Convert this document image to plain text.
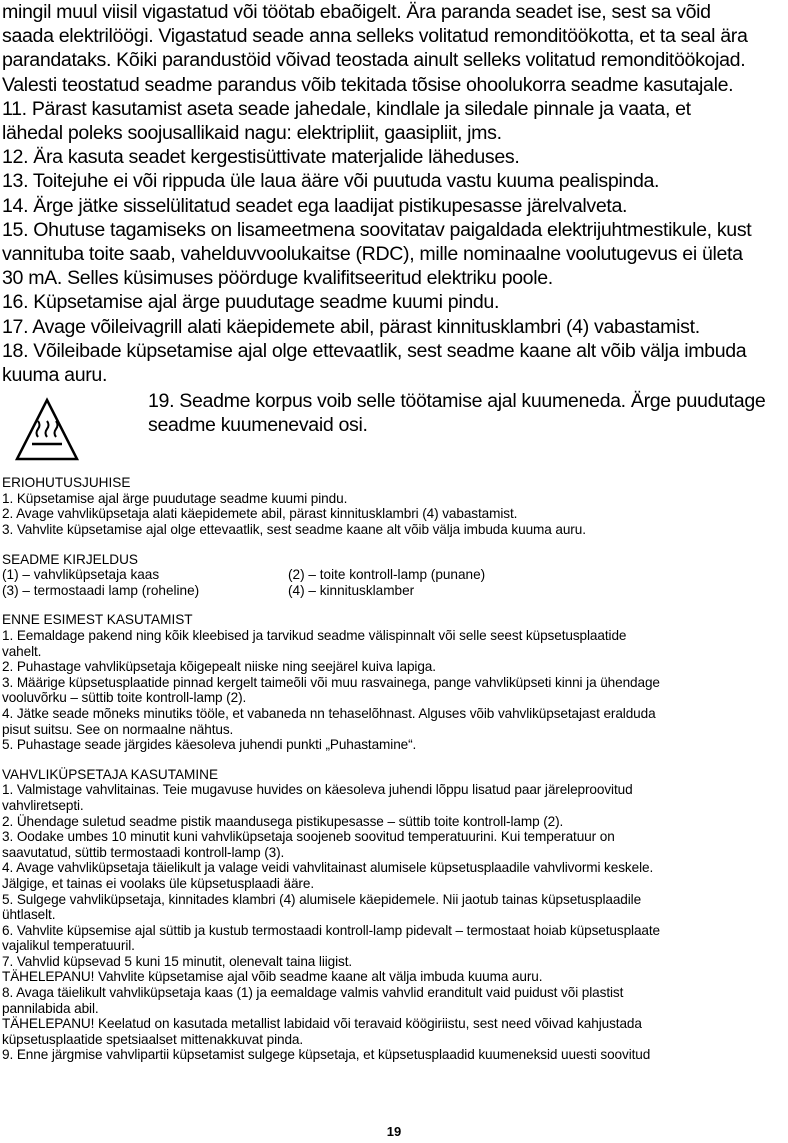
mingil muul viisil vigastatud või töötab ebaõigelt. Ära paranda seadet ise, sest sa võid

saada elektrilöögi. Vigastatud seade anna selleks volitatud remonditöökotta, et ta seal ära

parandataks. Kõiki parandustöid võivad teostada ainult selleks volitatud remonditöökojad.

Valesti teostatud seadme parandus võib tekitada tõsise ohoolukorra seadme kasutajale.

11. Pärast kasutamist aseta seade jahedale, kindlale ja siledale pinnale ja vaata, et

lähedal poleks soojusallikaid nagu: elektripliit, gaasipliit, jms.

12. Ära kasuta seadet kergestisüttivate materjalide läheduses.

13. Toitejuhe ei või rippuda üle laua ääre või puutuda vastu kuuma pealispinda.

14. Ärge jätke sisselülitatud seadet ega laadijat pistikupesasse järelvalveta.

15. Ohutuse tagamiseks on lisameetmena soovitatav paigaldada elektrijuhtmestikule, kust

vannituba toite saab, vahelduvvoolukaitse (RDC), mille nominaalne voolutugevus ei ületa

30 mA. Selles küsimuses pöörduge kvalifitseeritud elektriku poole.

16. Küpsetamise ajal ärge puudutage seadme kuumi pindu.

17. Avage võileivagrill alati käepidemete abil, pärast kinnitusklambri (4) vabastamist.

18. Võileibade küpsetamise ajal olge ettevaatlik, sest seadme kaane alt võib välja imbuda

kuuma auru.

19. Seadme korpus voib selle töötamise ajal kuumeneda. Ärge puudutage
seadme kuumenevaid osi.
ERIOHUTUSJUHISE

1. Küpsetamise ajal ärge puudutage seadme kuumi pindu.

2. Avage vahvliküpsetaja alati käepidemete abil, pärast kinnitusklambri (4) vabastamist.

3. Vahvlite küpsetamise ajal olge ettevaatlik, sest seadme kaane alt võib välja imbuda kuuma auru.

SEADME KIRJELDUS
(1) – vahvliküpsetaja kaas	(2) – toite kontroll-lamp (punane)
(3) – termostaadi lamp (roheline)	(4) – kinnitusklamber
ENNE ESIMEST KASUTAMIST

1. Eemaldage pakend ning kõik kleebised ja tarvikud seadme välispinnalt või selle seest küpsetusplaatide

vahelt.

2. Puhastage vahvliküpsetaja kõigepealt niiske ning seejärel kuiva lapiga.

3. Määrige küpsetusplaatide pinnad kergelt taimeõli või muu rasvainega, pange vahvliküpseti kinni ja ühendage

vooluvõrku – süttib toite kontroll-lamp (2).

4. Jätke seade mõneks minutiks tööle, et vabaneda nn tehaselõhnast. Alguses võib vahvliküpsetajast eralduda

pisut suitsu. See on normaalne nähtus.

5. Puhastage seade järgides käesoleva juhendi punkti „Puhastamine“.

VAHVLIKÜPSETAJA KASUTAMINE

1. Valmistage vahvlitainas. Teie mugavuse huvides on käesoleva juhendi lõppu lisatud paar järeleproovitud

vahvliretsepti.

2. Ühendage suletud seadme pistik maandusega pistikupesasse – süttib toite kontroll-lamp (2).

3. Oodake umbes 10 minutit kuni vahvliküpsetaja soojeneb soovitud temperatuurini. Kui temperatuur on

saavutatud, süttib termostaadi kontroll-lamp (3).

4. Avage vahvliküpsetaja täielikult ja valage veidi vahvlitainast alumisele küpsetusplaadile vahvlivormi keskele.

Jälgige, et tainas ei voolaks üle küpsetusplaadi ääre.

5. Sulgege vahvliküpsetaja, kinnitades klambri (4) alumisele käepidemele. Nii jaotub tainas küpsetusplaadile

ühtlaselt.

6. Vahvlite küpsemise ajal süttib ja kustub termostaadi kontroll-lamp pidevalt – termostaat hoiab küpsetusplaate

vajalikul temperatuuril.

7. Vahvlid küpsevad 5 kuni 15 minutit, olenevalt taina liigist.

TÄHELEPANU! Vahvlite küpsetamise ajal võib seadme kaane alt välja imbuda kuuma auru.

8. Avaga täielikult vahvliküpsetaja kaas (1) ja eemaldage valmis vahvlid eranditult vaid puidust või plastist

pannilabida abil.

TÄHELEPANU! Keelatud on kasutada metallist labidaid või teravaid köögiriistu, sest need võivad kahjustada

küpsetusplaatide spetsiaalset mittenakkuvat pinda.

9. Enne järgmise vahvlipartii küpsetamist sulgege küpsetaja, et küpsetusplaadid kuumeneksid uuesti soovitud

19
